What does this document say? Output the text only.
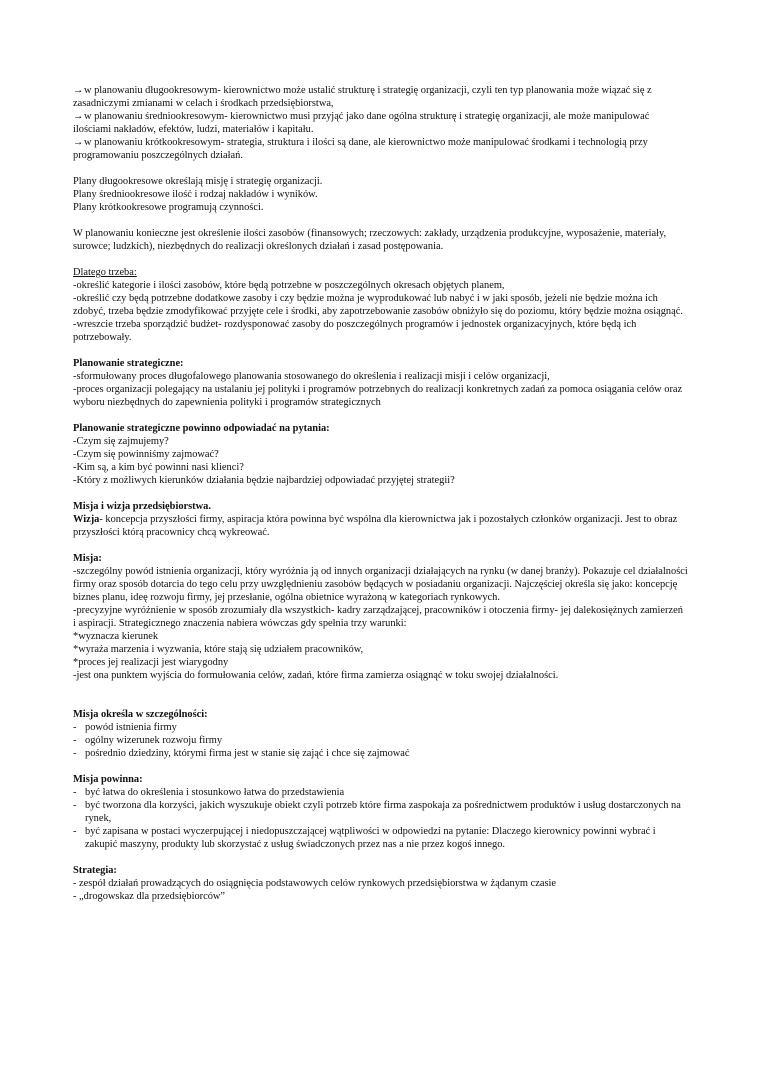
→w planowaniu długookresowym- kierownictwo może ustalić strukturę i strategię organizacji, czyli ten typ planowania może wiązać się z zasadniczymi zmianami w celach i środkach przedsiębiorstwa,

→w planowaniu średniookresowym- kierownictwo musi przyjąć jako dane ogólna strukturę i strategię organizacji, ale może manipulować ilościami nakładów, efektów, ludzi, materiałów i kapitału.

→w planowaniu krótkookresowym- strategia, struktura i ilości są dane, ale kierownictwo może manipulować środkami i technologią przy programowaniu poszczególnych działań.

Plany długookresowe określają misję i strategię organizacji.

Plany średniookresowe ilość i rodzaj nakładów i wyników.

Plany krótkookresowe programują czynności.

W planowaniu konieczne jest określenie ilości zasobów (finansowych; rzeczowych: zakłady, urządzenia produkcyjne, wyposażenie, materiały, surowce; ludzkich), niezbędnych do realizacji określonych działań i zasad postępowania.

Dlatego trzeba:

-określić kategorie i ilości zasobów, które będą potrzebne w poszczególnych okresach objętych planem,

-określić czy będą potrzebne dodatkowe zasoby i czy będzie można je wyprodukować lub nabyć i w jaki sposób, jeżeli nie będzie można ich zdobyć, trzeba będzie zmodyfikować przyjęte cele i środki, aby zapotrzebowanie zasobów obniżyło się do poziomu, który będzie można osiągnąć.

-wreszcie trzeba sporządzić budżet- rozdysponować zasoby do poszczególnych programów i jednostek organizacyjnych, które będą ich potrzebowały.

Planowanie strategiczne:

-sformułowany proces długofalowego planowania stosowanego do określenia i realizacji misji i celów organizacji,

-proces organizacji polegający na ustalaniu jej polityki i programów potrzebnych do realizacji konkretnych zadań za pomoca osiągania celów oraz wyboru niezbędnych do zapewnienia polityki i programów strategicznych

Planowanie strategiczne powinno odpowiadać na pytania:

-Czym się zajmujemy?

-Czym się powinniśmy zajmować?

-Kim są, a kim być powinni nasi klienci?

-Który z możliwych kierunków działania będzie najbardziej odpowiadać przyjętej strategii?

Misja i wizja przedsiębiorstwa.

Wizja- koncepcja przyszłości firmy, aspiracja która powinna być wspólna dla kierownictwa jak i pozostałych członków organizacji. Jest to obraz przyszłości którą pracownicy chcą wykreować.

Misja:

-szczególny powód istnienia organizacji, który wyróżnia ją od innych organizacji działających na rynku (w danej branży). Pokazuje cel działalności firmy oraz sposób dotarcia do tego celu przy uwzględnieniu zasobów będących w posiadaniu organizacji. Najczęściej określa się jako: koncepcję biznes planu, ideę rozwoju firmy, jej przesłanie, ogólna obietnice wyrażoną w kategoriach rynkowych.

-precyzyjne wyróżnienie w sposób zrozumiały dla wszystkich- kadry zarządzającej, pracowników i otoczenia firmy- jej dalekosiężnych zamierzeń i aspiracji. Strategicznego znaczenia nabiera wówczas gdy spełnia trzy warunki:

*wyznacza kierunek

*wyraża marzenia i wyzwania, które stają się udziałem pracowników,

*proces jej realizacji jest wiarygodny

-jest ona punktem wyjścia do formułowania celów, zadań, które firma zamierza osiągnąć w toku swojej działalności.

Misja określa w szczególności:

- powód istnienia firmy

- ogólny wizerunek rozwoju firmy

- pośrednio dziedziny, którymi firma jest w stanie się zająć i chce się zajmować

Misja powinna:

- być łatwa do określenia i stosunkowo łatwa do przedstawienia

- być tworzona dla korzyści, jakich wyszukuje obiekt czyli potrzeb które firma zaspokaja za pośrednictwem produktów i usług dostarczonych na rynek,

- być zapisana w postaci wyczerpującej i niedopuszczającej wątpliwości w odpowiedzi na pytanie: Dlaczego kierownicy powinni wybrać i zakupić maszyny, produkty lub skorzystać z usług świadczonych przez nas a nie przez kogoś innego.

Strategia:

- zespół działań prowadzących do osiągnięcia podstawowych celów rynkowych przedsiębiorstwa w żądanym czasie

- „drogowskaz dla przedsiębiorców”
